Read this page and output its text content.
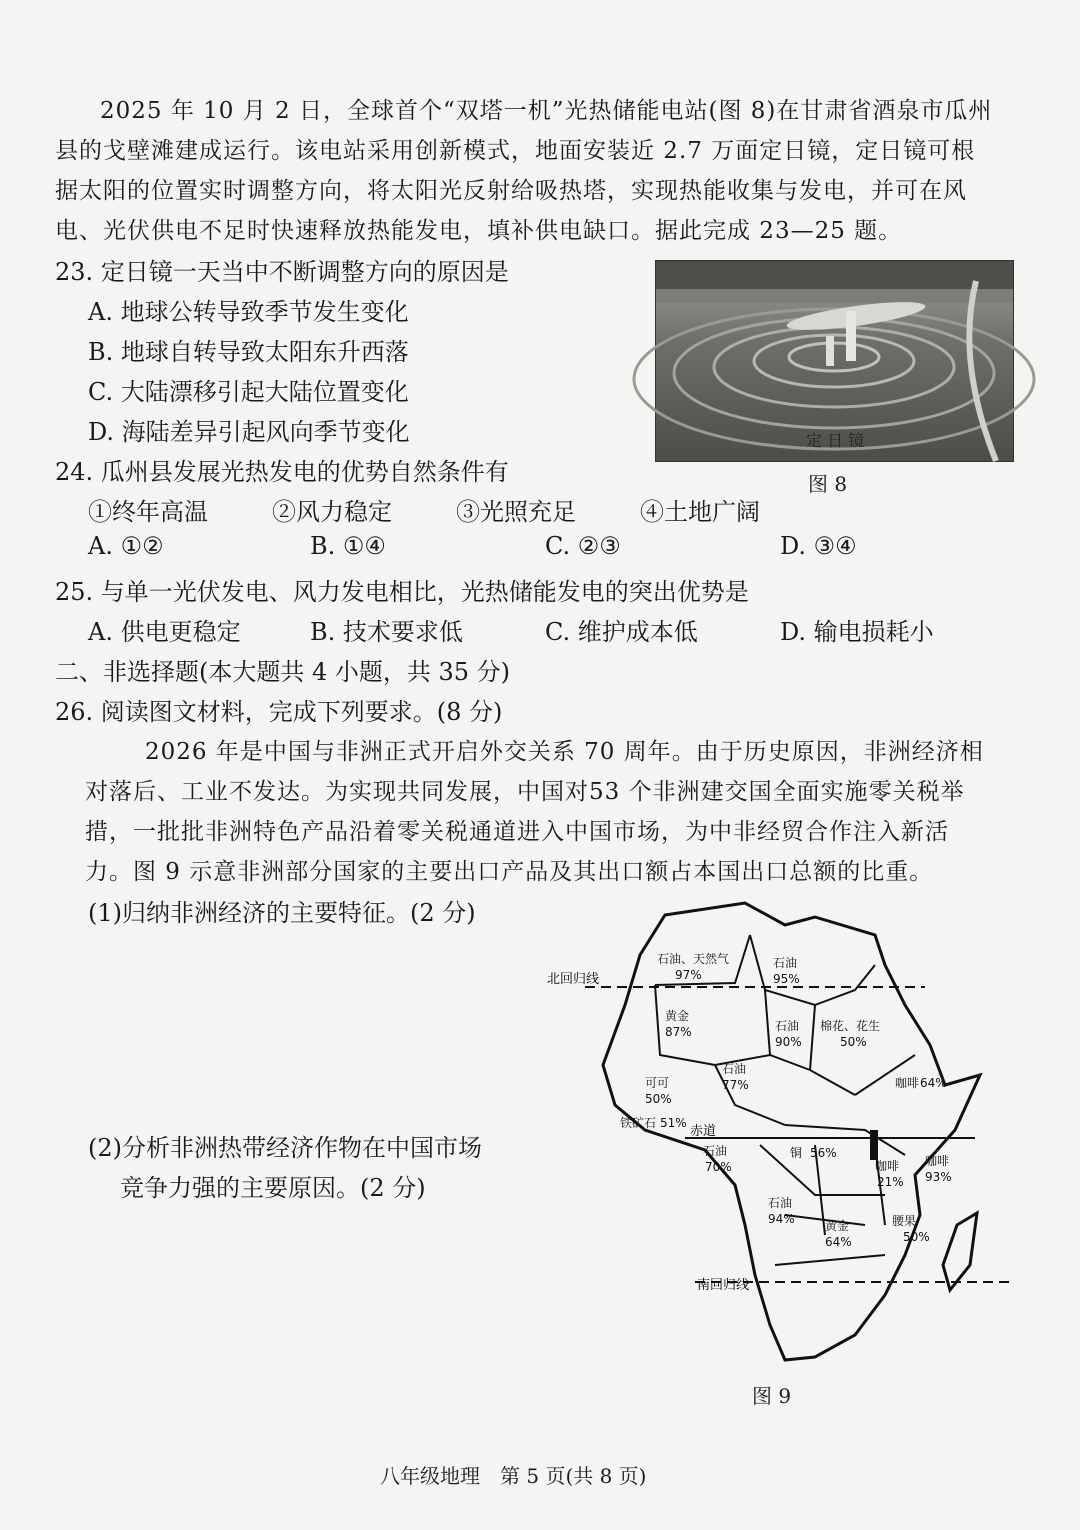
2025 年 10 月 2 日，全球首个“双塔一机”光热储能电站(图 8)在甘肃省酒泉市瓜州
县的戈壁滩建成运行。该电站采用创新模式，地面安装近 2.7 万面定日镜，定日镜可根
据太阳的位置实时调整方向，将太阳光反射给吸热塔，实现热能收集与发电，并可在风
电、光伏供电不足时快速释放热能发电，填补供电缺口。据此完成 23—25 题。
23. 定日镜一天当中不断调整方向的原因是
A. 地球公转导致季节发生变化
B. 地球自转导致太阳东升西落
C. 大陆漂移引起大陆位置变化
D. 海陆差异引起风向季节变化	定 日 镜
图 8
24. 瓜州县发展光热发电的优势自然条件有
①终年高温	②风力稳定	③光照充足	④土地广阔
A. ①②	B. ①④	C. ②③	D. ③④
25. 与单一光伏发电、风力发电相比，光热储能发电的突出优势是
A. 供电更稳定	B. 技术要求低	C. 维护成本低	D. 输电损耗小
二、非选择题(本大题共 4 小题，共 35 分)
26. 阅读图文材料，完成下列要求。(8 分)
2026 年是中国与非洲正式开启外交关系 70 周年。由于历史原因，非洲经济相
对落后、工业不发达。为实现共同发展，中国对53 个非洲建交国全面实施零关税举
措，一批批非洲特色产品沿着零关税通道进入中国市场，为中非经贸合作注入新活
力。图 9 示意非洲部分国家的主要出口产品及其出口额占本国出口总额的比重。
(1)归纳非洲经济的主要特征。(2 分)
(2)分析非洲热带经济作物在中国市场
竞争力强的主要原因。(2 分)
北回归线
赤道
南回归线
石油、天然气
97%
石油
95%
黄金
87%	石油
90%
棉花、花生
50%
石油
77%
可可
50%
咖啡 64%
铁矿石 51%
石油
70%
铜 56%
咖啡
21%
咖啡
93%
石油
94%	黄金
64%
腰果
50%
图 9
八年级地理　第 5 页(共 8 页)
